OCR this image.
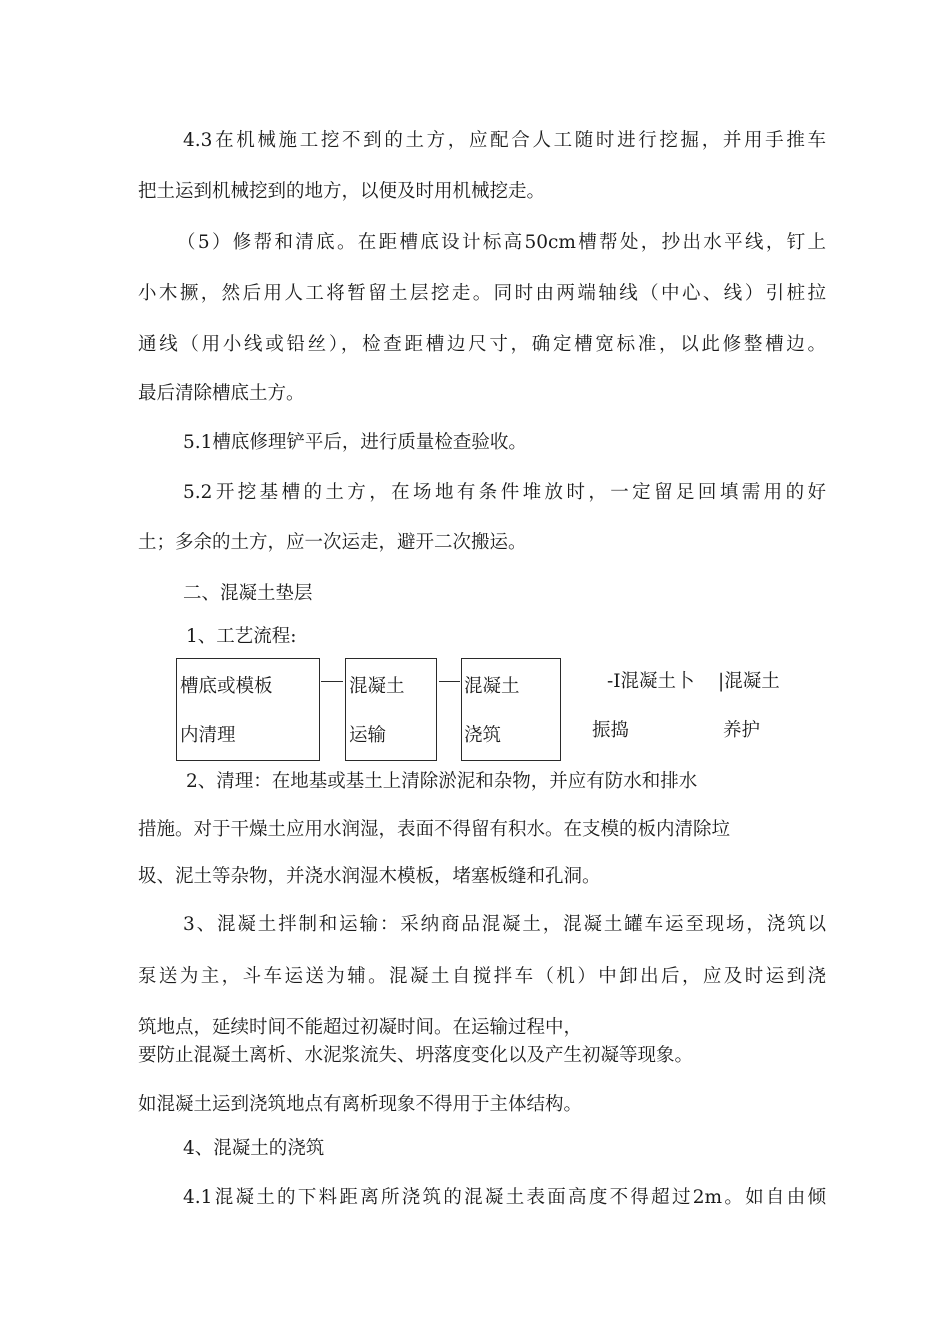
4.3在机械施工挖不到的土方，应配合人工随时进行挖掘，并用手推车

把土运到机械挖到的地方，以便及时用机械挖走。

（5）修帮和清底。在距槽底设计标高50cm槽帮处，抄出水平线，钉上

小木撅，然后用人工将暂留土层挖走。同时由两端轴线（中心、线）引桩拉

通线（用小线或铅丝），检查距槽边尺寸，确定槽宽标准，以此修整槽边。

最后清除槽底土方。

5.1槽底修理铲平后，进行质量检查验收。

5.2开挖基槽的土方，在场地有条件堆放时，一定留足回填需用的好

土；多余的土方，应一次运走，避开二次搬运。

二、混凝土垫层

1、工艺流程:

槽底或模板
内清理
混凝土
运输
混凝土
浇筑
-I混凝土卜
振捣
|混凝土
养护

2、清理：在地基或基土上清除淤泥和杂物，并应有防水和排水

措施。对于干燥土应用水润湿，表面不得留有积水。在支模的板内清除垃

圾、泥土等杂物，并浇水润湿木模板，堵塞板缝和孔洞。

3、混凝土拌制和运输：采纳商品混凝土，混凝土罐车运至现场，浇筑以

泵送为主，斗车运送为辅。混凝土自搅拌车（机）中卸出后，应及时运到浇

筑地点，延续时间不能超过初凝时间。在运输过程中，

要防止混凝土离析、水泥浆流失、坍落度变化以及产生初凝等现象。

如混凝土运到浇筑地点有离析现象不得用于主体结构。

4、混凝土的浇筑

4.1混凝土的下料距离所浇筑的混凝土表面高度不得超过2m。如自由倾
